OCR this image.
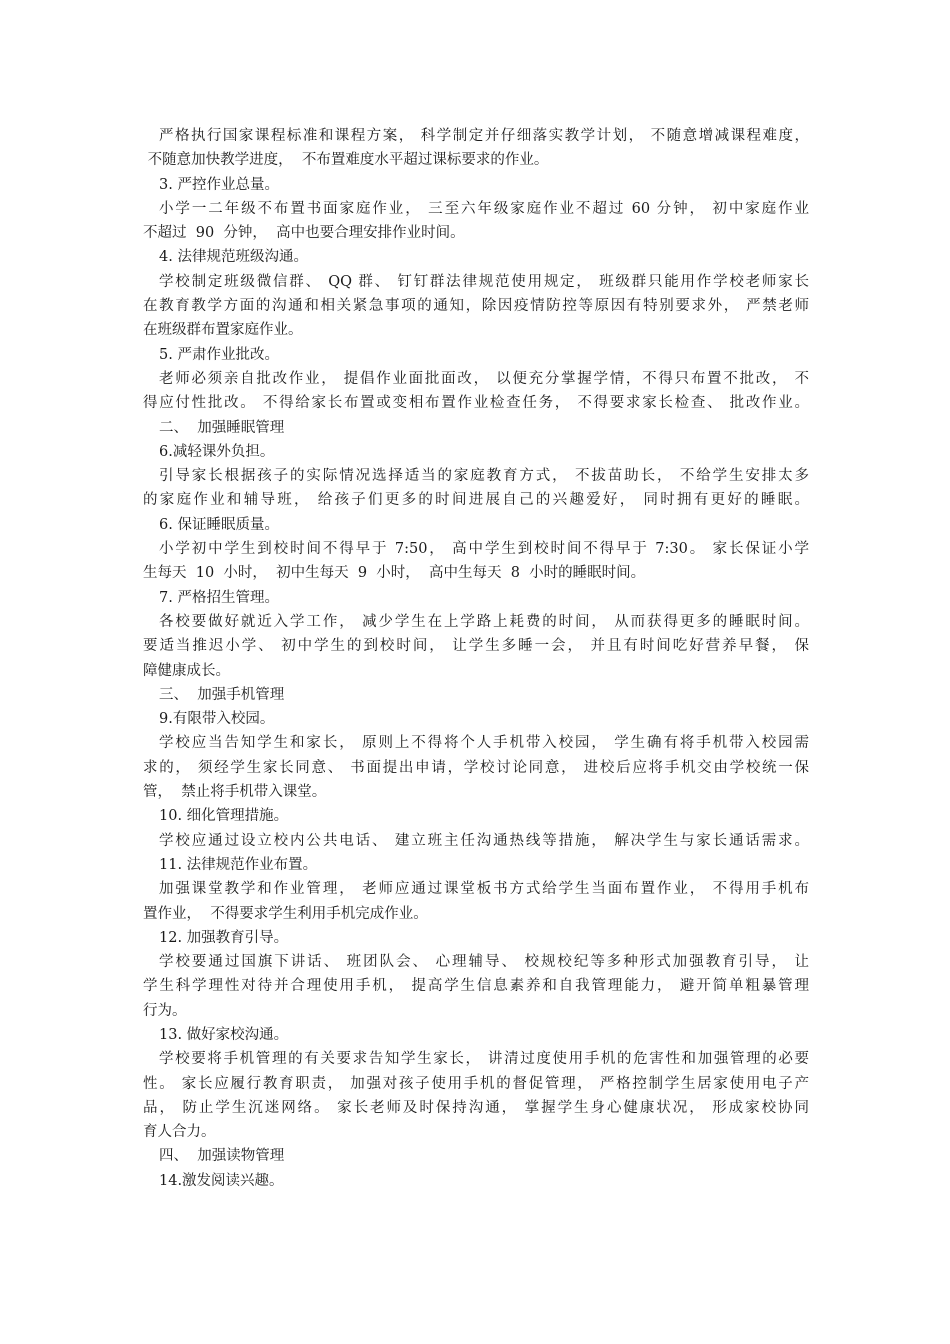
严格执行国家课程标准和课程方案， 科学制定并仔细落实教学计划， 不随意增减课程难度，
不随意加快教学进度，  不布置难度水平超过课标要求的作业。
3. 严控作业总量。
小学一二年级不布置书面家庭作业， 三至六年级家庭作业不超过 60 分钟， 初中家庭作业
不超过  90  分钟，  高中也要合理安排作业时间。
4. 法律规范班级沟通。
学校制定班级微信群、 QQ 群、 钉钉群法律规范使用规定， 班级群只能用作学校老师家长
在教育教学方面的沟通和相关紧急事项的通知，除因疫情防控等原因有特别要求外， 严禁老师
在班级群布置家庭作业。
5. 严肃作业批改。
老师必须亲自批改作业， 提倡作业面批面改， 以便充分掌握学情，不得只布置不批改， 不
得应付性批改。 不得给家长布置或变相布置作业检查任务， 不得要求家长检查、 批改作业。
二、  加强睡眠管理
6.减轻课外负担。
引导家长根据孩子的实际情况选择适当的家庭教育方式， 不拔苗助长， 不给学生安排太多
的家庭作业和辅导班， 给孩子们更多的时间进展自己的兴趣爱好， 同时拥有更好的睡眠。
6. 保证睡眠质量。
小学初中学生到校时间不得早于 7:50， 高中学生到校时间不得早于 7:30。 家长保证小学
生每天  10  小时，  初中生每天  9  小时，  高中生每天  8  小时的睡眠时间。
7. 严格招生管理。
各校要做好就近入学工作， 减少学生在上学路上耗费的时间， 从而获得更多的睡眠时间。
要适当推迟小学、 初中学生的到校时间， 让学生多睡一会， 并且有时间吃好营养早餐， 保
障健康成长。
三、  加强手机管理
9.有限带入校园。
学校应当告知学生和家长， 原则上不得将个人手机带入校园， 学生确有将手机带入校园需
求的， 须经学生家长同意、 书面提出申请，学校讨论同意， 进校后应将手机交由学校统一保
管，  禁止将手机带入课堂。
10. 细化管理措施。
学校应通过设立校内公共电话、 建立班主任沟通热线等措施， 解决学生与家长通话需求。
11. 法律规范作业布置。
加强课堂教学和作业管理， 老师应通过课堂板书方式给学生当面布置作业， 不得用手机布
置作业，  不得要求学生利用手机完成作业。
12. 加强教育引导。
学校要通过国旗下讲话、 班团队会、 心理辅导、 校规校纪等多种形式加强教育引导， 让
学生科学理性对待并合理使用手机， 提高学生信息素养和自我管理能力， 避开简单粗暴管理
行为。
13. 做好家校沟通。
学校要将手机管理的有关要求告知学生家长， 讲清过度使用手机的危害性和加强管理的必要
性。 家长应履行教育职责， 加强对孩子使用手机的督促管理， 严格控制学生居家使用电子产
品， 防止学生沉迷网络。 家长老师及时保持沟通， 掌握学生身心健康状况， 形成家校协同
育人合力。
四、  加强读物管理
14.激发阅读兴趣。
